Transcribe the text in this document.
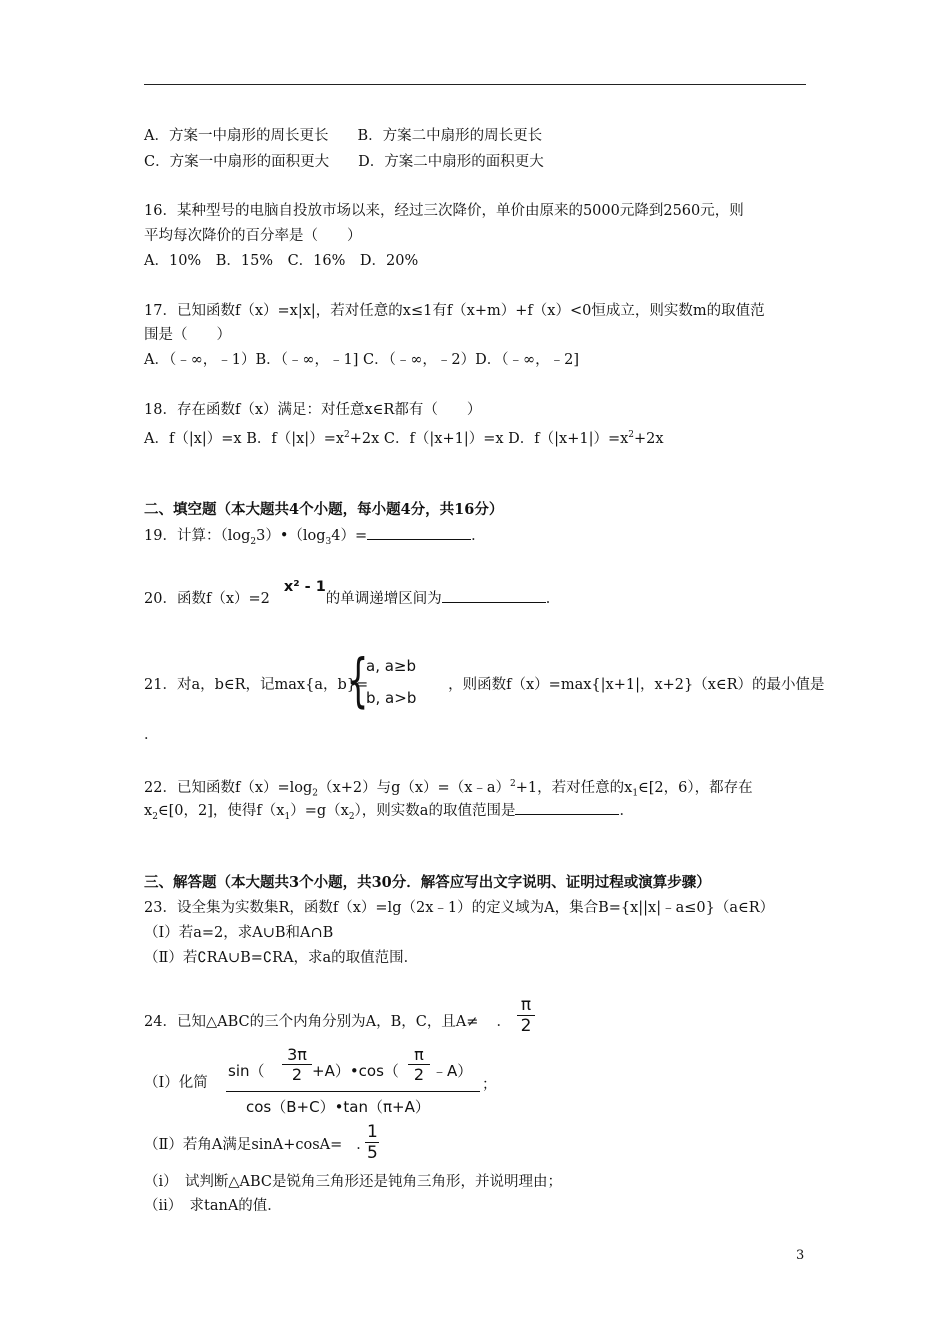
A．方案一中扇形的周长更长　　B．方案二中扇形的周长更长
C．方案一中扇形的面积更大　　D．方案二中扇形的面积更大
16．某种型号的电脑自投放市场以来，经过三次降价，单价由原来的5000元降到2560元，则
平均每次降价的百分率是（　　）
A．10%　B．15%　C．16%　D．20%
17．已知函数f（x）=x|x|，若对任意的x≤1有f（x+m）+f（x）<0恒成立，则实数m的取值范
围是（　　）
A．（﹣∞，﹣1）B．（﹣∞，﹣1] C．（﹣∞，﹣2）D．（﹣∞，﹣2]
18．存在函数f（x）满足：对任意x∈R都有（　　）
A．f（|x|）=x B．$f(|x|)=x^2+2x$ C．f（|x+1|）=x D．$f(|x+1|)=x^2+2x$
二、填空题（本大题共4个小题，每小题4分，共16分）
19．计算：$(\log_23)•(\log_34)=$	．
20．函数f（x）=2x² - 1的单调递增区间为	．
21．对a，b∈R，记max{a，b}=	，则函数f（x）=max{|x+1|，x+2}（x∈R）的最小值是
{
a, a≥b
b, a>b
．
22．已知函数$f(x)=\log_2(x+2)$与g（x）=（x﹣a）$^2$+1，若对任意的$x_1\in[2$，6），都存在
$x_2\in[0$，2]，使得$f(x_1)=g(x_2)$，则实数a的取值范围是	．
三、解答题（本大题共3个小题，共30分．解答应写出文字说明、证明过程或演算步骤）
23．设全集为实数集R，函数f（x）=lg（2x﹣1）的定义域为A，集合B={x||x|﹣a≤0}（a∈R）
（Ⅰ）若a=2，求A∪B和A∩B
（Ⅱ）若∁RA∪B=∁RA，求a的取值范围．
24．已知△ABC的三个内角分别为A，B，C，且A≠ ．
π
2
（Ⅰ）化简
sin（
3π
2 +A）•cos（
π
2 ﹣A）
cos（B+C）•tan（π+A）
；
（Ⅱ）若角A满足sinA+cosA= ．
1
5
（i）　试判断△ABC是锐角三角形还是钝角三角形，并说明理由；
（ii）　求tanA的值．
3
